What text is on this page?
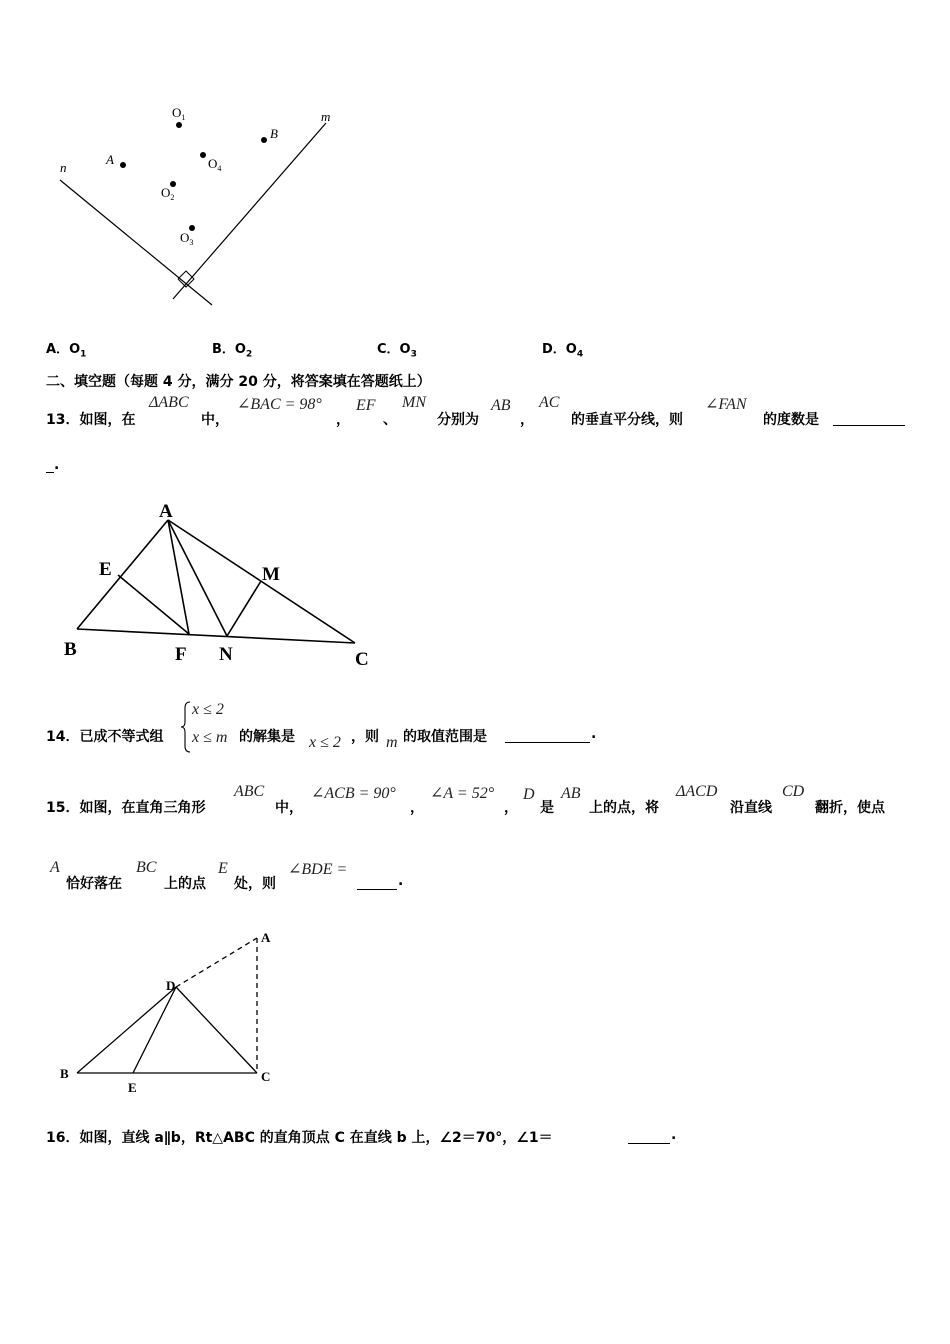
n
m
$O_1$
B
A	$O_4$
$O_2$
$O_3$
A．$O_1$	B．$O_2$	C．$O_3$	D．$O_4$
二、填空题（每题 4 分，满分 20 分，将答案填在答题纸上）
13．如图，在
ΔABC
中，
∠BAC = 98°
，
EF
、
MN
分别为
AB
，
AC
的垂直平分线，则
∠FAN
的度数是
.
A
E	M
B	F N	C
14．已成不等式组
x ≤ 2
x ≤ m 的解集是 x ≤ 2 ，则 m 的取值范围是	.
15．如图，在直角三角形
ABC
中，
∠ACB = 90°
，
∠A = 52°
，
D
是
AB
上的点，将
ΔACD
沿直线
CD
翻折，使点
A
恰好落在
BC
上的点
E
处，则
∠BDE =
.
A
D
B
E
C
16．如图，直线 a∥b，Rt△ABC 的直角顶点 C 在直线 b 上，∠2＝70°，∠1＝	.
